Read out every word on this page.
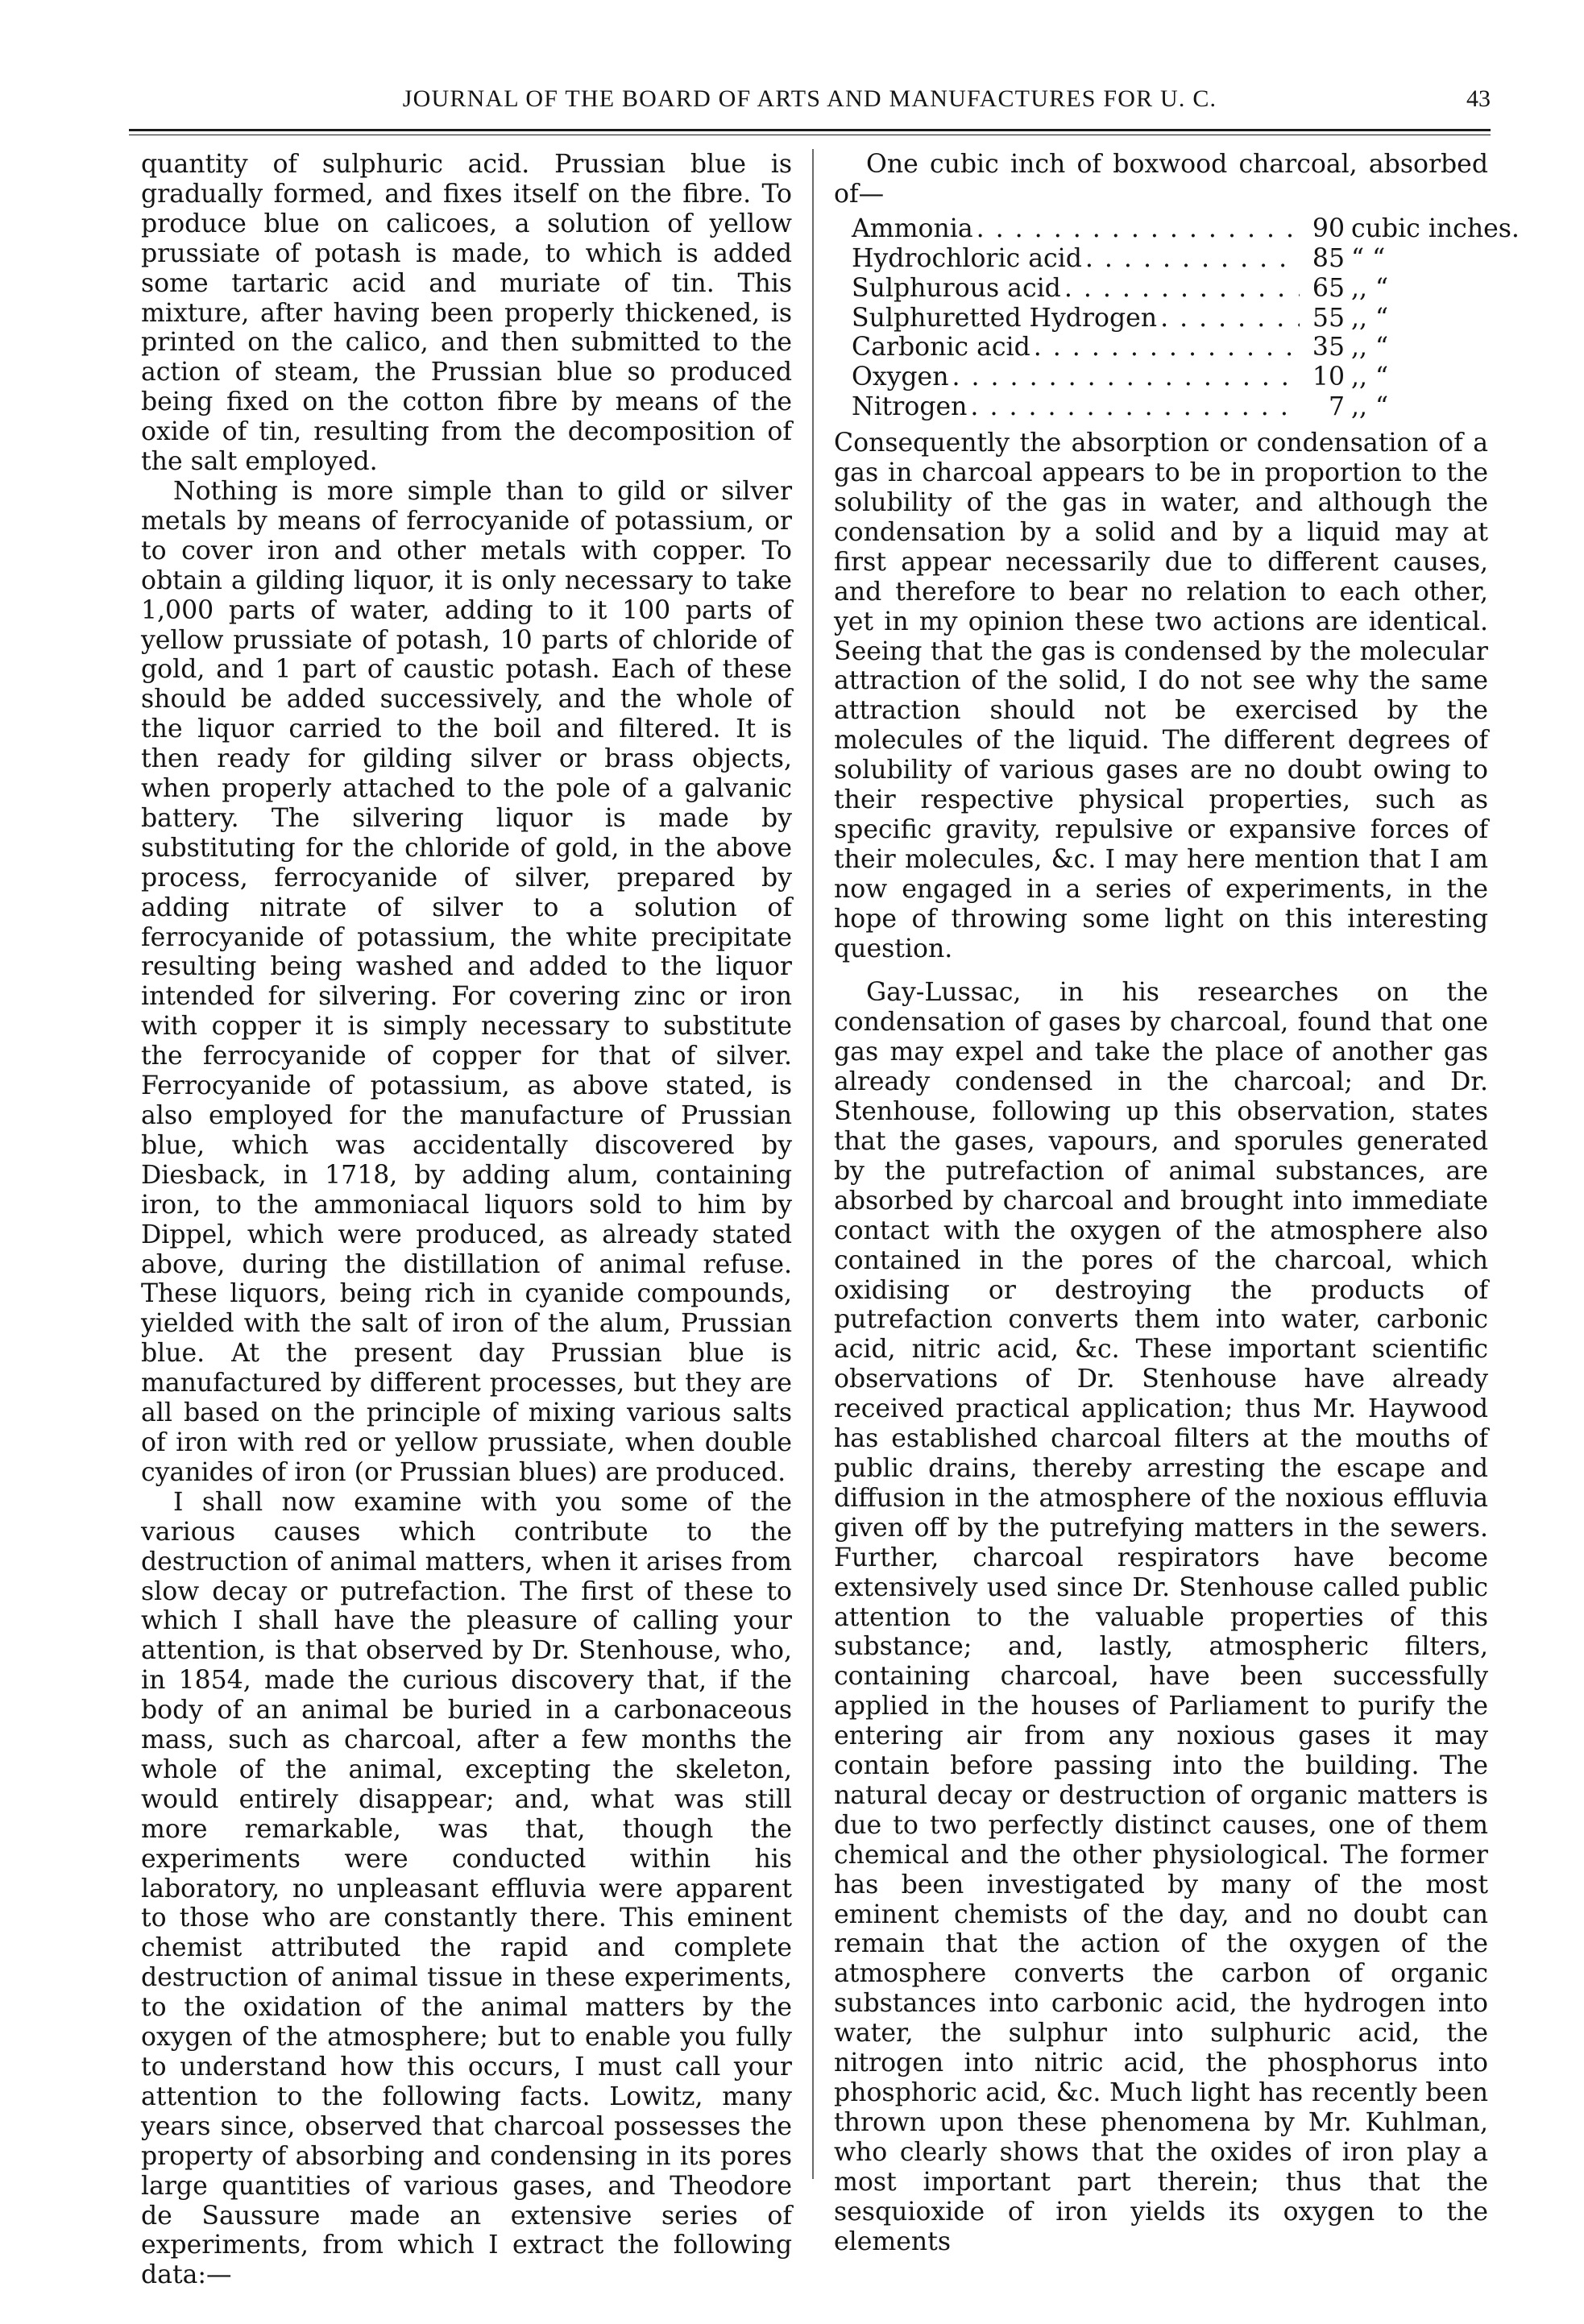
JOURNAL OF THE BOARD OF ARTS AND MANUFACTURES FOR U. C.	43

quantity of sulphuric acid. Prussian blue is gradually formed, and fixes itself on the fibre. To produce blue on calicoes, a solution of yellow prussiate of potash is made, to which is added some tartaric acid and muriate of tin. This mixture, after having been properly thickened, is printed on the calico, and then submitted to the action of steam, the Prussian blue so produced being fixed on the cotton fibre by means of the oxide of tin, resulting from the decomposition of the salt employed.

Nothing is more simple than to gild or silver metals by means of ferrocyanide of potassium, or to cover iron and other metals with copper. To obtain a gilding liquor, it is only necessary to take 1,000 parts of water, adding to it 100 parts of yellow prussiate of potash, 10 parts of chloride of gold, and 1 part of caustic potash. Each of these should be added successively, and the whole of the liquor carried to the boil and filtered. It is then ready for gilding silver or brass objects, when properly attached to the pole of a galvanic battery. The silvering liquor is made by substituting for the chloride of gold, in the above process, ferrocyanide of silver, prepared by adding nitrate of silver to a solution of ferrocyanide of potassium, the white precipitate resulting being washed and added to the liquor intended for silvering. For covering zinc or iron with copper it is simply necessary to substitute the ferrocyanide of copper for that of silver. Ferrocyanide of potassium, as above stated, is also employed for the manufacture of Prussian blue, which was accidentally discovered by Diesback, in 1718, by adding alum, containing iron, to the ammoniacal liquors sold to him by Dippel, which were produced, as already stated above, during the distillation of animal refuse. These liquors, being rich in cyanide compounds, yielded with the salt of iron of the alum, Prussian blue. At the present day Prussian blue is manufactured by different processes, but they are all based on the principle of mixing various salts of iron with red or yellow prussiate, when double cyanides of iron (or Prussian blues) are produced.

I shall now examine with you some of the various causes which contribute to the destruction of animal matters, when it arises from slow decay or putrefaction. The first of these to which I shall have the pleasure of calling your attention, is that observed by Dr. Stenhouse, who, in 1854, made the curious discovery that, if the body of an animal be buried in a carbonaceous mass, such as charcoal, after a few months the whole of the animal, excepting the skeleton, would entirely disappear; and, what was still more remarkable, was that, though the experiments were conducted within his laboratory, no unpleasant effluvia were apparent to those who are constantly there. This eminent chemist attributed the rapid and complete destruction of animal tissue in these experiments, to the oxidation of the animal matters by the oxygen of the atmosphere; but to enable you fully to understand how this occurs, I must call your attention to the following facts. Lowitz, many years since, observed that charcoal possesses the property of absorbing and condensing in its pores large quantities of various gases, and Theodore de Saussure made an extensive series of experiments, from which I extract the following data:—

One cubic inch of boxwood charcoal, absorbed of—

Ammonia . . .	90 cubic inches.
Hydrochloric acid . . .	85 “ “
Sulphurous acid . . .	65 ,, “
Sulphuretted Hydrogen . . .	55 ,, “
Carbonic acid . . .	35 ,, “
Oxygen . . .	10 ,, “
Nitrogen . . .	7 ,, “

Consequently the absorption or condensation of a gas in charcoal appears to be in proportion to the solubility of the gas in water, and although the condensation by a solid and by a liquid may at first appear necessarily due to different causes, and therefore to bear no relation to each other, yet in my opinion these two actions are identical. Seeing that the gas is condensed by the molecular attraction of the solid, I do not see why the same attraction should not be exercised by the molecules of the liquid. The different degrees of solubility of various gases are no doubt owing to their respective physical properties, such as specific gravity, repulsive or expansive forces of their molecules, &c. I may here mention that I am now engaged in a series of experiments, in the hope of throwing some light on this interesting question.

Gay-Lussac, in his researches on the condensation of gases by charcoal, found that one gas may expel and take the place of another gas already condensed in the charcoal; and Dr. Stenhouse, following up this observation, states that the gases, vapours, and sporules generated by the putrefaction of animal substances, are absorbed by charcoal and brought into immediate contact with the oxygen of the atmosphere also contained in the pores of the charcoal, which oxidising or destroying the products of putrefaction converts them into water, carbonic acid, nitric acid, &c. These important scientific observations of Dr. Stenhouse have already received practical application; thus Mr. Haywood has established charcoal filters at the mouths of public drains, thereby arresting the escape and diffusion in the atmosphere of the noxious effluvia given off by the putrefying matters in the sewers. Further, charcoal respirators have become extensively used since Dr. Stenhouse called public attention to the valuable properties of this substance; and, lastly, atmospheric filters, containing charcoal, have been successfully applied in the houses of Parliament to purify the entering air from any noxious gases it may contain before passing into the building. The natural decay or destruction of organic matters is due to two perfectly distinct causes, one of them chemical and the other physiological. The former has been investigated by many of the most eminent chemists of the day, and no doubt can remain that the action of the oxygen of the atmosphere converts the carbon of organic substances into carbonic acid, the hydrogen into water, the sulphur into sulphuric acid, the nitrogen into nitric acid, the phosphorus into phosphoric acid, &c. Much light has recently been thrown upon these phenomena by Mr. Kuhlman, who clearly shows that the oxides of iron play a most important part therein; thus that the sesquioxide of iron yields its oxygen to the elements
